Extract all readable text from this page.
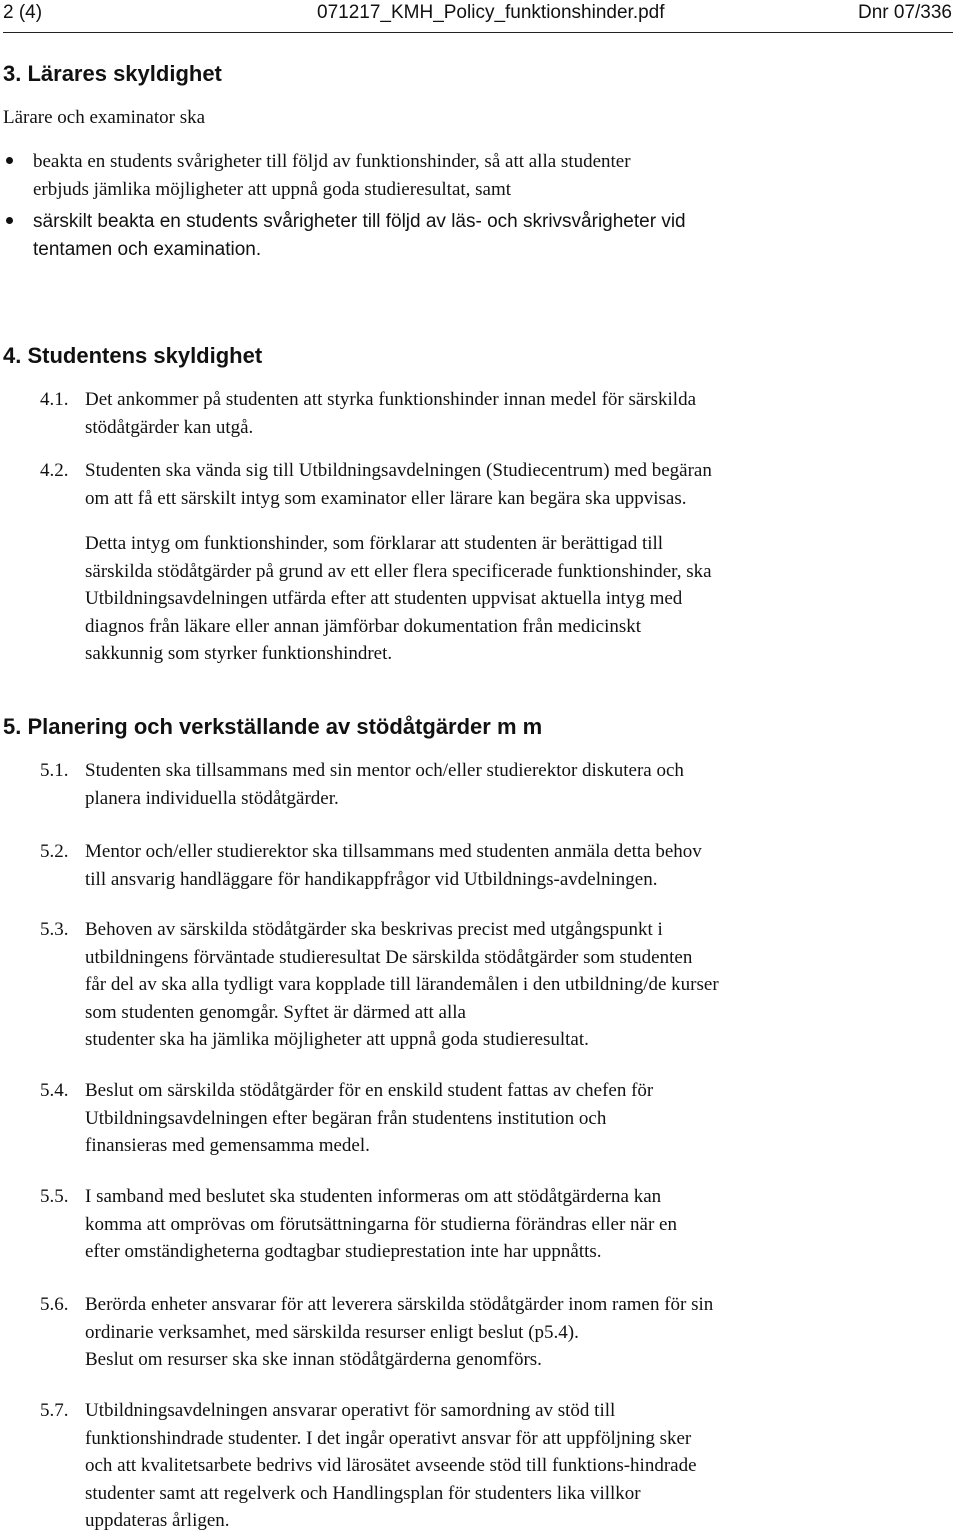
2 (4)	071217_KMH_Policy_funktionshinder.pdf	Dnr 07/336
3. Lärares skyldighet
Lärare och examinator ska
beakta en students svårigheter till följd av funktionshinder, så att alla studenter
erbjuds jämlika möjligheter att uppnå goda studieresultat, samt
särskilt beakta en students svårigheter till följd av läs- och skrivsvårigheter vid
tentamen och examination.
4. Studentens skyldighet
4.1. Det ankommer på studenten att styrka funktionshinder innan medel för särskilda
stödåtgärder kan utgå.
4.2. Studenten ska vända sig till Utbildningsavdelningen (Studiecentrum) med begäran
om att få ett särskilt intyg som examinator eller lärare kan begära ska uppvisas.
Detta intyg om funktionshinder, som förklarar att studenten är berättigad till
särskilda stödåtgärder på grund av ett eller flera specificerade funktionshinder, ska
Utbildningsavdelningen utfärda efter att studenten uppvisat aktuella intyg med
diagnos från läkare eller annan jämförbar dokumentation från medicinskt
sakkunnig som styrker funktionshindret.
5. Planering och verkställande av stödåtgärder m m
5.1. Studenten ska tillsammans med sin mentor och/eller studierektor diskutera och
planera individuella stödåtgärder.
5.2. Mentor och/eller studierektor ska tillsammans med studenten anmäla detta behov
till ansvarig handläggare för handikappfrågor vid Utbildnings-avdelningen.
5.3. Behoven av särskilda stödåtgärder ska beskrivas precist med utgångspunkt i
utbildningens förväntade studieresultat De särskilda stödåtgärder som studenten
får del av ska alla tydligt vara kopplade till lärandemålen i den utbildning/de kurser
som studenten genomgår. Syftet är därmed att alla
studenter ska ha jämlika möjligheter att uppnå goda studieresultat.
5.4. Beslut om särskilda stödåtgärder för en enskild student fattas av chefen för
Utbildningsavdelningen efter begäran från studentens institution och
finansieras med gemensamma medel.
5.5. I samband med beslutet ska studenten informeras om att stödåtgärderna kan
komma att omprövas om förutsättningarna för studierna förändras eller när en
efter omständigheterna godtagbar studieprestation inte har uppnåtts.
5.6. Berörda enheter ansvarar för att leverera särskilda stödåtgärder inom ramen för sin
ordinarie verksamhet, med särskilda resurser enligt beslut (p5.4).
Beslut om resurser ska ske innan stödåtgärderna genomförs.
5.7. Utbildningsavdelningen ansvarar operativt för samordning av stöd till
funktionshindrade studenter. I det ingår operativt ansvar för att uppföljning sker
och att kvalitetsarbete bedrivs vid lärosätet avseende stöd till funktions-hindrade
studenter samt att regelverk och Handlingsplan för studenters lika villkor
uppdateras årligen.
